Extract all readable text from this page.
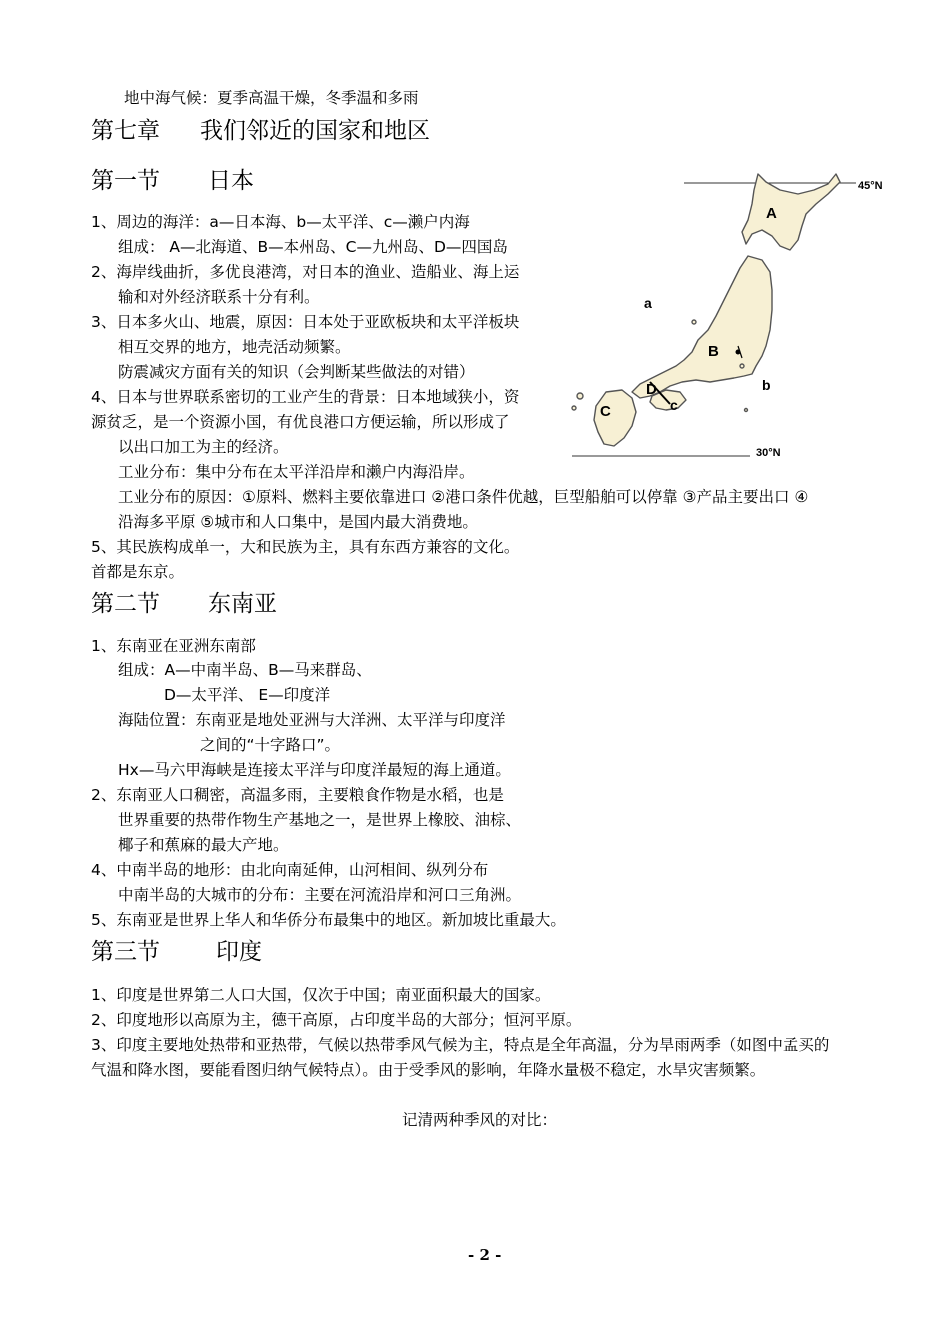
地中海气候：夏季高温干燥，冬季温和多雨
第七章 我们邻近的国家和地区
第一节 日本
1、周边的海洋：a—日本海、b—太平洋、c—濑户内海
组成： A—北海道、B—本州岛、C—九州岛、D—四国岛
2、海岸线曲折，多优良港湾，对日本的渔业、造船业、海上运
输和对外经济联系十分有利。
3、日本多火山、地震，原因：日本处于亚欧板块和太平洋板块
相互交界的地方，地壳活动频繁。
防震减灾方面有关的知识（会判断某些做法的对错）
4、日本与世界联系密切的工业产生的背景：日本地域狭小，资
源贫乏，是一个资源小国，有优良港口方便运输，所以形成了
以出口加工为主的经济。
工业分布：集中分布在太平洋沿岸和濑户内海沿岸。
工业分布的原因：①原料、燃料主要依靠进口 ②港口条件优越，巨型船舶可以停靠 ③产品主要出口 ④
沿海多平原 ⑤城市和人口集中，是国内最大消费地。
5、其民族构成单一，大和民族为主，具有东西方兼容的文化。
首都是东京。
45°N
30°N
A
B
C
D
a
b
c
第二节 东南亚
1、东南亚在亚洲东南部
组成：A—中南半岛、B—马来群岛、
D—太平洋、 E—印度洋
海陆位置：东南亚是地处亚洲与大洋洲、太平洋与印度洋
之间的“十字路口”。
Hx—马六甲海峡是连接太平洋与印度洋最短的海上通道。
2、东南亚人口稠密，高温多雨，主要粮食作物是水稻，也是
世界重要的热带作物生产基地之一，是世界上橡胶、油棕、
椰子和蕉麻的最大产地。
4、中南半岛的地形：由北向南延伸，山河相间、纵列分布
中南半岛的大城市的分布：主要在河流沿岸和河口三角洲。
5、东南亚是世界上华人和华侨分布最集中的地区。新加坡比重最大。
第三节 印度
1、印度是世界第二人口大国，仅次于中国；南亚面积最大的国家。
2、印度地形以高原为主，德干高原，占印度半岛的大部分；恒河平原。
3、印度主要地处热带和亚热带，气候以热带季风气候为主，特点是全年高温，分为旱雨两季（如图中孟买的
气温和降水图，要能看图归纳气候特点）。由于受季风的影响，年降水量极不稳定，水旱灾害频繁。
记清两种季风的对比：
- 2 -
